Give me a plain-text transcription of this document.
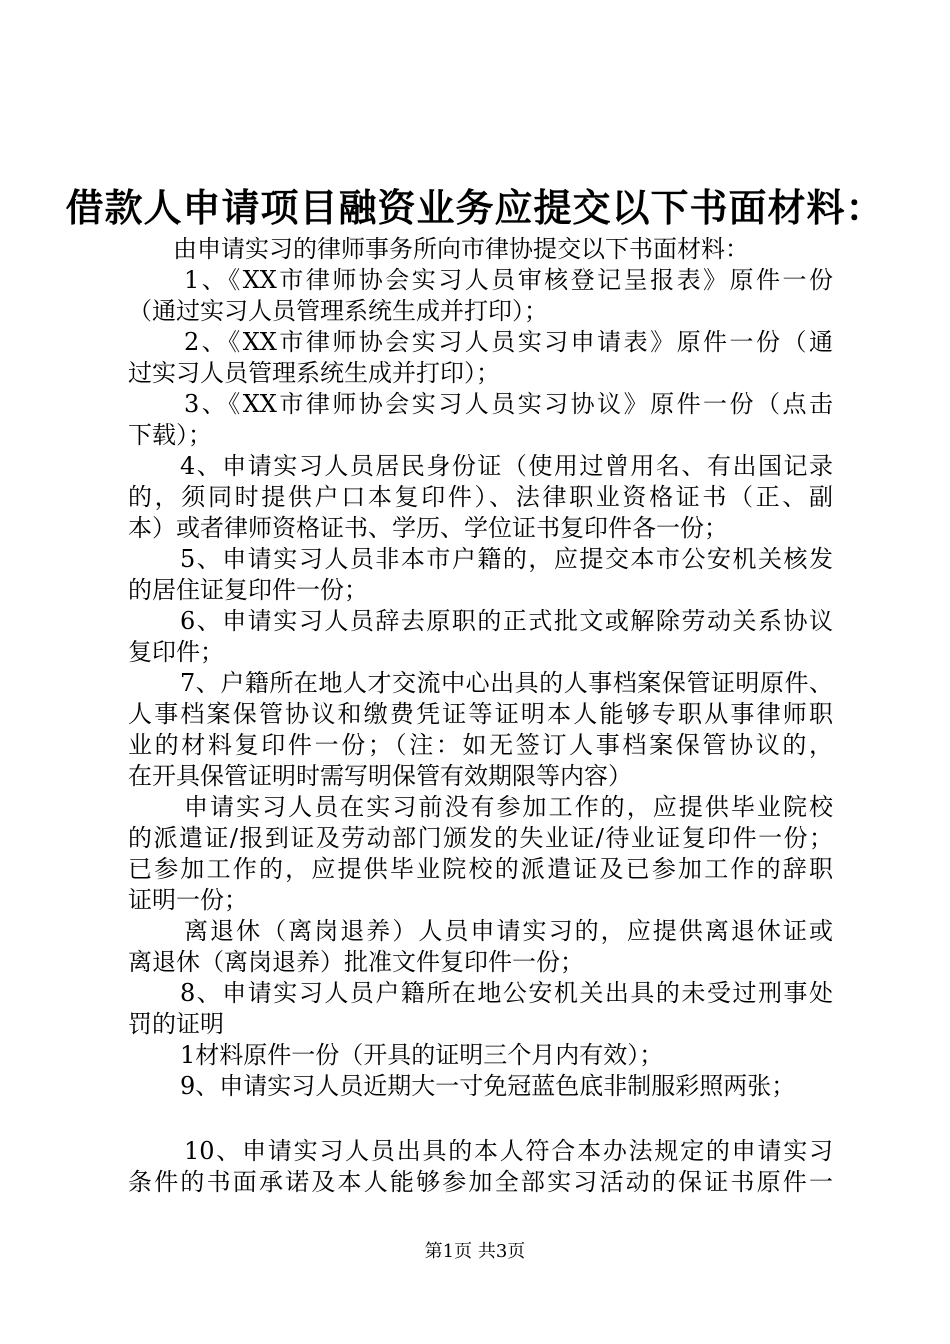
借款人申请项目融资业务应提交以下书面材料：
由申请实习的律师事务所向市律协提交以下书面材料：
1、《XX市律师协会实习人员审核登记呈报表》原件一份
（通过实习人员管理系统生成并打印）；
2、《XX市律师协会实习人员实习申请表》原件一份（通
过实习人员管理系统生成并打印）；
3、《XX市律师协会实习人员实习协议》原件一份（点击
下载）；
4、申请实习人员居民身份证（使用过曾用名、有出国记录
的，须同时提供户口本复印件）、法律职业资格证书（正、副
本）或者律师资格证书、学历、学位证书复印件各一份；
5、申请实习人员非本市户籍的，应提交本市公安机关核发
的居住证复印件一份；
6、申请实习人员辞去原职的正式批文或解除劳动关系协议
复印件；
7、户籍所在地人才交流中心出具的人事档案保管证明原件、
人事档案保管协议和缴费凭证等证明本人能够专职从事律师职
业的材料复印件一份；（注：如无签订人事档案保管协议的，
在开具保管证明时需写明保管有效期限等内容）
申请实习人员在实习前没有参加工作的，应提供毕业院校
的派遣证/报到证及劳动部门颁发的失业证/待业证复印件一份；
已参加工作的，应提供毕业院校的派遣证及已参加工作的辞职
证明一份；
离退休（离岗退养）人员申请实习的，应提供离退休证或
离退休（离岗退养）批准文件复印件一份；
8、申请实习人员户籍所在地公安机关出具的未受过刑事处
罚的证明
1材料原件一份（开具的证明三个月内有效）；
9、申请实习人员近期大一寸免冠蓝色底非制服彩照两张；
10、申请实习人员出具的本人符合本办法规定的申请实习
条件的书面承诺及本人能够参加全部实习活动的保证书原件一
第1页 共3页
